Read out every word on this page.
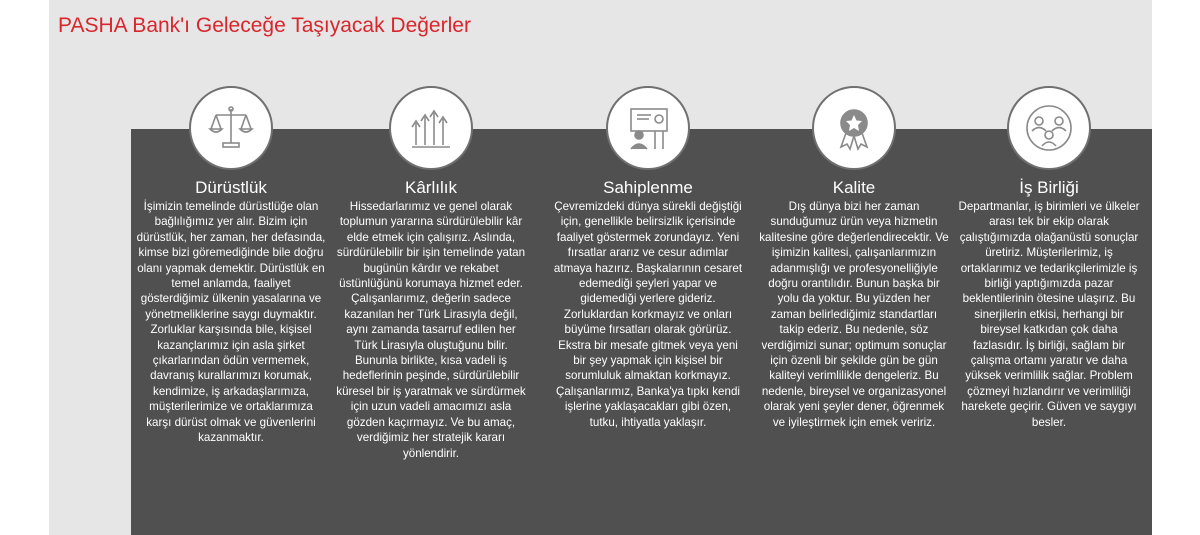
PASHA Bank'ı Geleceğe Taşıyacak Değerler
Dürüstlük
İşimizin temelinde dürüstlüğe olan bağlılığımız yer alır. Bizim için dürüstlük, her zaman, her defasında, kimse bizi göremediğinde bile doğru olanı yapmak demektir. Dürüstlük en temel anlamda, faaliyet gösterdiğimiz ülkenin yasalarına ve yönetmeliklerine saygı duymaktır. Zorluklar karşısında bile, kişisel kazançlarımız için asla şirket çıkarlarından ödün vermemek, davranış kurallarımızı korumak, kendimize, iş arkadaşlarımıza, müşterilerimize ve ortaklarımıza karşı dürüst olmak ve güvenlerini kazanmaktır.
Kârlılık
Hissedarlarımız ve genel olarak toplumun yararına sürdürülebilir kâr elde etmek için çalışırız. Aslında, sürdürülebilir bir işin temelinde yatan bugünün kârdır ve rekabet üstünlüğünü korumaya hizmet eder. Çalışanlarımız, değerin sadece kazanılan her Türk Lirasıyla değil, aynı zamanda tasarruf edilen her Türk Lirasıyla oluştuğunu bilir. Bununla birlikte, kısa vadeli iş hedeflerinin peşinde, sürdürülebilir küresel bir iş yaratmak ve sürdürmek için uzun vadeli amacımızı asla gözden kaçırmayız. Ve bu amaç, verdiğimiz her stratejik kararı yönlendirir.
Sahiplenme
Çevremizdeki dünya sürekli değiştiği için, genellikle belirsizlik içerisinde faaliyet göstermek zorundayız. Yeni fırsatlar ararız ve cesur adımlar atmaya hazırız. Başkalarının cesaret edemediği şeyleri yapar ve gidemediği yerlere gideriz. Zorluklardan korkmayız ve onları büyüme fırsatları olarak görürüz. Ekstra bir mesafe gitmek veya yeni bir şey yapmak için kişisel bir sorumluluk almaktan korkmayız. Çalışanlarımız, Banka'ya tıpkı kendi işlerine yaklaşacakları gibi özen, tutku, ihtiyatla yaklaşır.
Kalite
Dış dünya bizi her zaman sunduğumuz ürün veya hizmetin kalitesine göre değerlendirecektir. Ve işimizin kalitesi, çalışanlarımızın adanmışlığı ve profesyonelliğiyle doğru orantılıdır. Bunun başka bir yolu da yoktur. Bu yüzden her zaman belirlediğimiz standartları takip ederiz. Bu nedenle, söz verdiğimizi sunar; optimum sonuçlar için özenli bir şekilde gün be gün kaliteyi verimlilikle dengeleriz. Bu nedenle, bireysel ve organizasyonel olarak yeni şeyler dener, öğrenmek ve iyileştirmek için emek veririz.
İş Birliği
Departmanlar, iş birimleri ve ülkeler arası tek bir ekip olarak çalıştığımızda olağanüstü sonuçlar üretiriz. Müşterilerimiz, iş ortaklarımız ve tedarikçilerimizle iş birliği yaptığımızda pazar beklentilerinin ötesine ulaşırız. Bu sinerjilerin etkisi, herhangi bir bireysel katkıdan çok daha fazlasıdır. İş birliği, sağlam bir çalışma ortamı yaratır ve daha yüksek verimlilik sağlar. Problem çözmeyi hızlandırır ve verimliliği harekete geçirir. Güven ve saygıyı besler.
